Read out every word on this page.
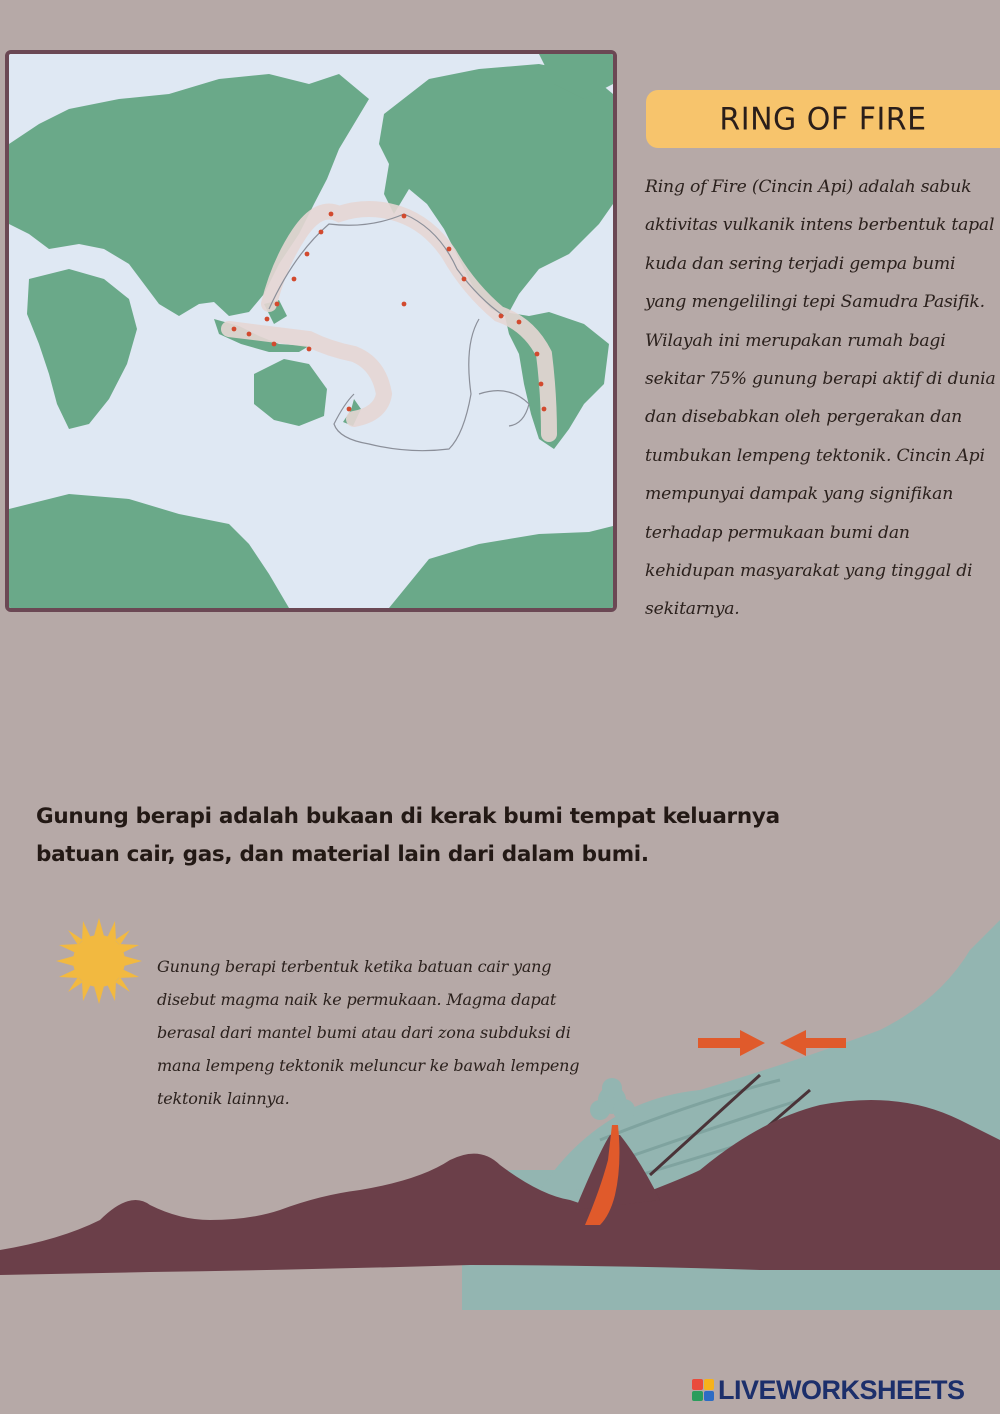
RING OF FIRE
Ring of Fire (Cincin Api) adalah sabuk aktivitas vulkanik intens berbentuk tapal kuda dan sering terjadi gempa bumi yang mengelilingi tepi Samudra Pasifik. Wilayah ini merupakan rumah bagi sekitar 75% gunung berapi aktif di dunia dan disebabkan oleh pergerakan dan tumbukan lempeng tektonik. Cincin Api mempunyai dampak yang signifikan terhadap permukaan bumi dan kehidupan masyarakat yang tinggal di sekitarnya.
Gunung berapi adalah bukaan di kerak bumi tempat keluarnya batuan cair, gas, dan material lain dari dalam bumi.
Gunung berapi terbentuk ketika batuan cair yang disebut magma naik ke permukaan. Magma dapat berasal dari mantel bumi atau dari zona subduksi di mana lempeng tektonik meluncur ke bawah lempeng tektonik lainnya.
LIVEWORKSHEETS
